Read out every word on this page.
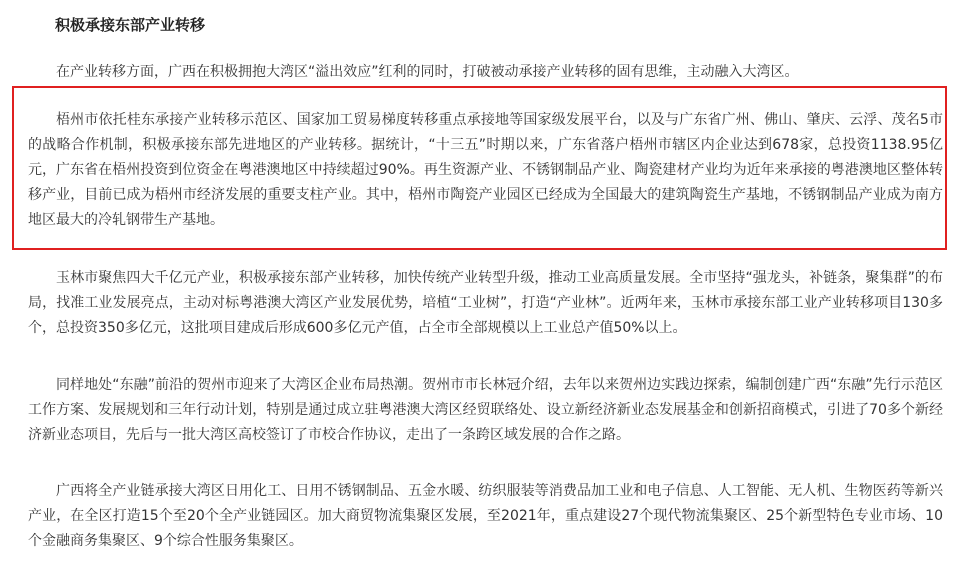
积极承接东部产业转移

在产业转移方面，广西在积极拥抱大湾区“溢出效应”红利的同时，打破被动承接产业转移的固有思维，主动融入大湾区。

梧州市依托桂东承接产业转移示范区、国家加工贸易梯度转移重点承接地等国家级发展平台，以及与广东省广州、佛山、肇庆、云浮、茂名5市的战略合作机制，积极承接东部先进地区的产业转移。据统计，“十三五”时期以来，广东省落户梧州市辖区内企业达到678家，总投资1138.95亿元，广东省在梧州投资到位资金在粤港澳地区中持续超过90%。再生资源产业、不锈钢制品产业、陶瓷建材产业均为近年来承接的粤港澳地区整体转移产业，目前已成为梧州市经济发展的重要支柱产业。其中，梧州市陶瓷产业园区已经成为全国最大的建筑陶瓷生产基地，不锈钢制品产业成为南方地区最大的冷轧钢带生产基地。

玉林市聚焦四大千亿元产业，积极承接东部产业转移，加快传统产业转型升级，推动工业高质量发展。全市坚持“强龙头，补链条，聚集群”的布局，找准工业发展亮点，主动对标粤港澳大湾区产业发展优势，培植“工业树”，打造“产业林”。近两年来，玉林市承接东部工业产业转移项目130多个，总投资350多亿元，这批项目建成后形成600多亿元产值，占全市全部规模以上工业总产值50%以上。

同样地处“东融”前沿的贺州市迎来了大湾区企业布局热潮。贺州市市长林冠介绍，去年以来贺州边实践边探索，编制创建广西“东融”先行示范区工作方案、发展规划和三年行动计划，特别是通过成立驻粤港澳大湾区经贸联络处、设立新经济新业态发展基金和创新招商模式，引进了70多个新经济新业态项目，先后与一批大湾区高校签订了市校合作协议，走出了一条跨区域发展的合作之路。

广西将全产业链承接大湾区日用化工、日用不锈钢制品、五金水暖、纺织服装等消费品加工业和电子信息、人工智能、无人机、生物医药等新兴产业，在全区打造15个至20个全产业链园区。加大商贸物流集聚区发展，至2021年，重点建设27个现代物流集聚区、25个新型特色专业市场、10个金融商务集聚区、9个综合性服务集聚区。
